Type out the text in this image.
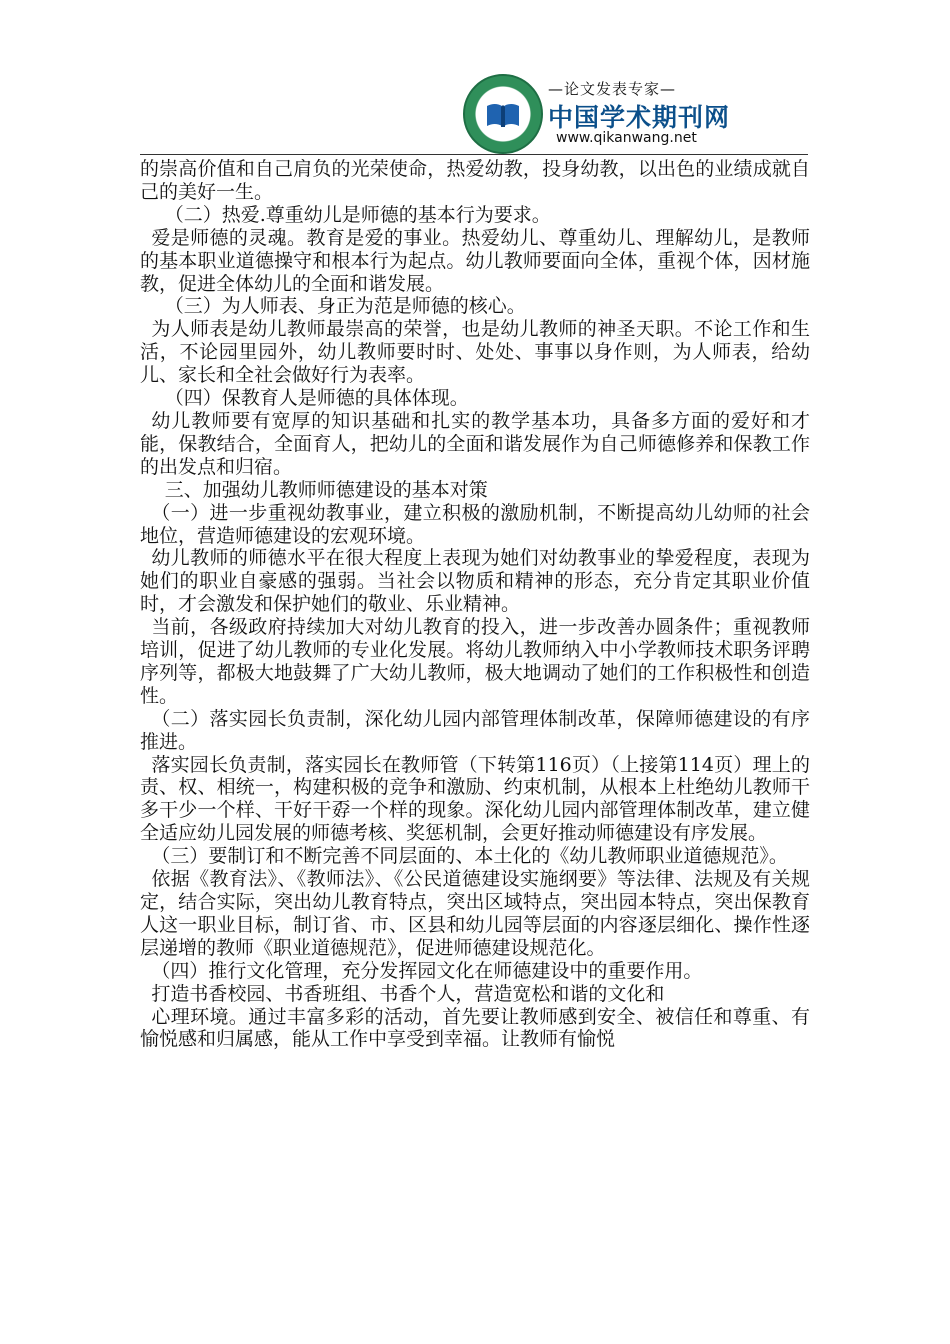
—论文发表专家—
中国学术期刊网
www.qikanwang.net

的崇高价值和自己肩负的光荣使命，热爱幼教，投身幼教，以出色的业绩成就自己的美好一生。

（二）热爱.尊重幼儿是师德的基本行为要求。

爱是师德的灵魂。教育是爱的事业。热爱幼儿、尊重幼儿、理解幼儿，是教师的基本职业道德操守和根本行为起点。幼儿教师要面向全体，重视个体，因材施教，促进全体幼儿的全面和谐发展。

（三）为人师表、身正为范是师德的核心。

为人师表是幼儿教师最崇高的荣誉，也是幼儿教师的神圣天职。不论工作和生活，不论园里园外，幼儿教师要时时、处处、事事以身作则，为人师表，给幼儿、家长和全社会做好行为表率。

（四）保教育人是师德的具体体现。

幼儿教师要有宽厚的知识基础和扎实的教学基本功，具备多方面的爱好和才能，保教结合，全面育人，把幼儿的全面和谐发展作为自己师德修养和保教工作的出发点和归宿。

三、加强幼儿教师师德建设的基本对策

（一）进一步重视幼教事业，建立积极的激励机制，不断提高幼儿幼师的社会地位，营造师德建设的宏观环境。

幼儿教师的师德水平在很大程度上表现为她们对幼教事业的挚爱程度，表现为她们的职业自豪感的强弱。当社会以物质和精神的形态，充分肯定其职业价值时，才会激发和保护她们的敬业、乐业精神。

当前，各级政府持续加大对幼儿教育的投入，进一步改善办圆条件；重视教师培训，促进了幼儿教师的专业化发展。将幼儿教师纳入中小学教师技术职务评聘序列等，都极大地鼓舞了广大幼儿教师，极大地调动了她们的工作积极性和创造性。

（二）落实园长负责制，深化幼儿园内部管理体制改革，保障师德建设的有序推进。

落实园长负责制，落实园长在教师管（下转第116页）（上接第114页）理上的责、权、相统一，构建积极的竞争和激励、约束机制，从根本上杜绝幼儿教师干多干少一个样、干好干孬一个样的现象。深化幼儿园内部管理体制改革，建立健全适应幼儿园发展的师德考核、奖惩机制，会更好推动师德建设有序发展。

（三）要制订和不断完善不同层面的、本土化的《幼儿教师职业道德规范》。

依据《教育法》、《教师法》、《公民道德建设实施纲要》等法律、法规及有关规定，结合实际，突出幼儿教育特点，突出区域特点，突出园本特点，突出保教育人这一职业目标，制订省、市、区县和幼儿园等层面的内容逐层细化、操作性逐层递增的教师《职业道德规范》，促进师德建设规范化。

（四）推行文化管理，充分发挥园文化在师德建设中的重要作用。

打造书香校园、书香班组、书香个人，营造宽松和谐的文化和

心理环境。通过丰富多彩的活动，首先要让教师感到安全、被信任和尊重、有愉悦感和归属感，能从工作中享受到幸福。让教师有愉悦
